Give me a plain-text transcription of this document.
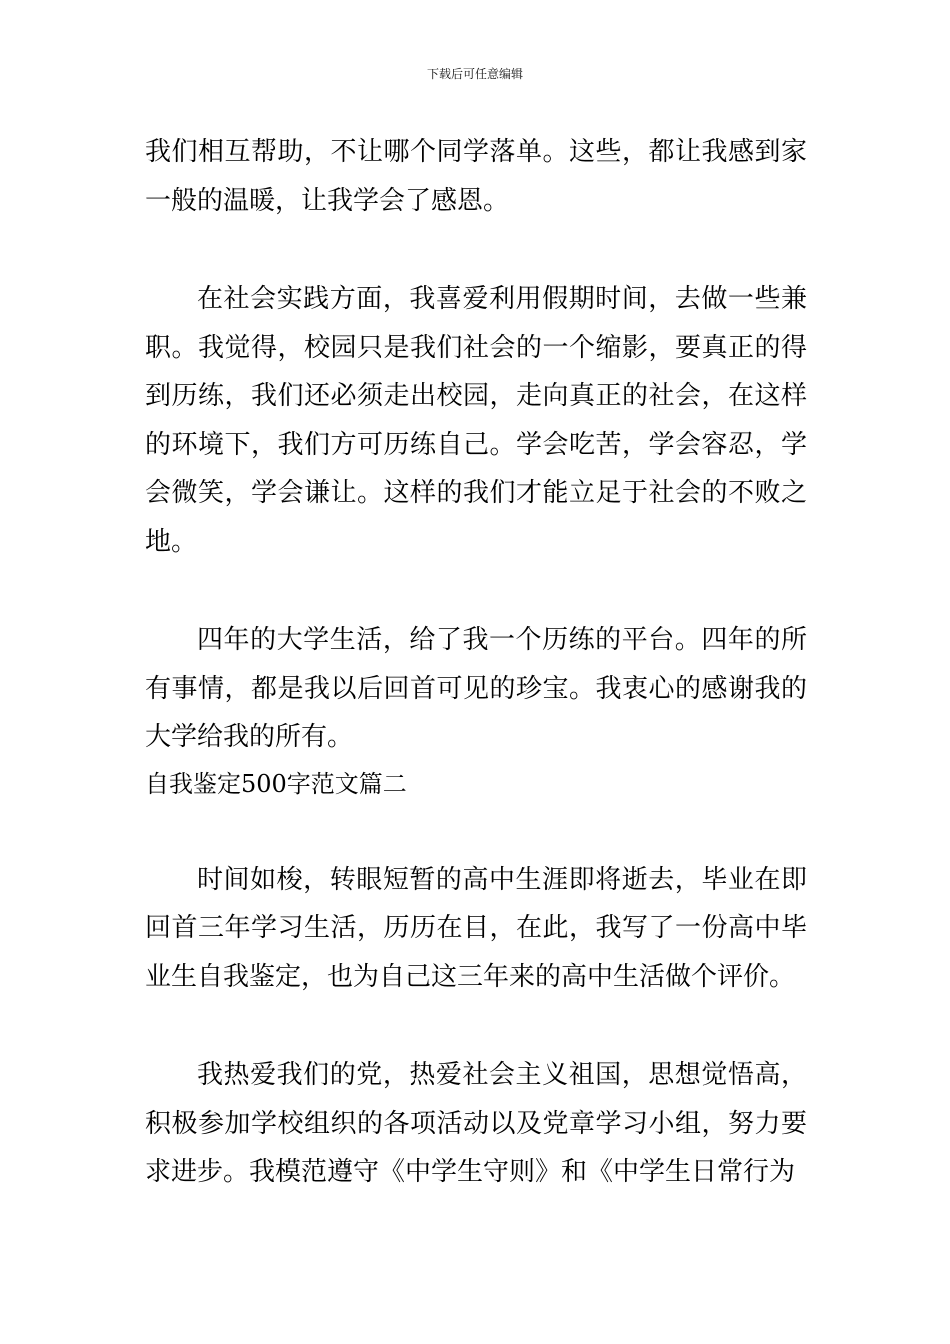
下载后可任意编辑

我们相互帮助，不让哪个同学落单。这些，都让我感到家一般的温暖，让我学会了感恩。

在社会实践方面，我喜爱利用假期时间，去做一些兼职。我觉得，校园只是我们社会的一个缩影，要真正的得到历练，我们还必须走出校园，走向真正的社会，在这样的环境下，我们方可历练自己。学会吃苦，学会容忍，学会微笑，学会谦让。这样的我们才能立足于社会的不败之地。

四年的大学生活，给了我一个历练的平台。四年的所有事情，都是我以后回首可见的珍宝。我衷心的感谢我的大学给我的所有。

自我鉴定500字范文篇二

时间如梭，转眼短暂的高中生涯即将逝去，毕业在即回首三年学习生活，历历在目，在此，我写了一份高中毕业生自我鉴定，也为自己这三年来的高中生活做个评价。

我热爱我们的党，热爱社会主义祖国，思想觉悟高，积极参加学校组织的各项活动以及党章学习小组，努力要求进步。我模范遵守《中学生守则》和《中学生日常行为
